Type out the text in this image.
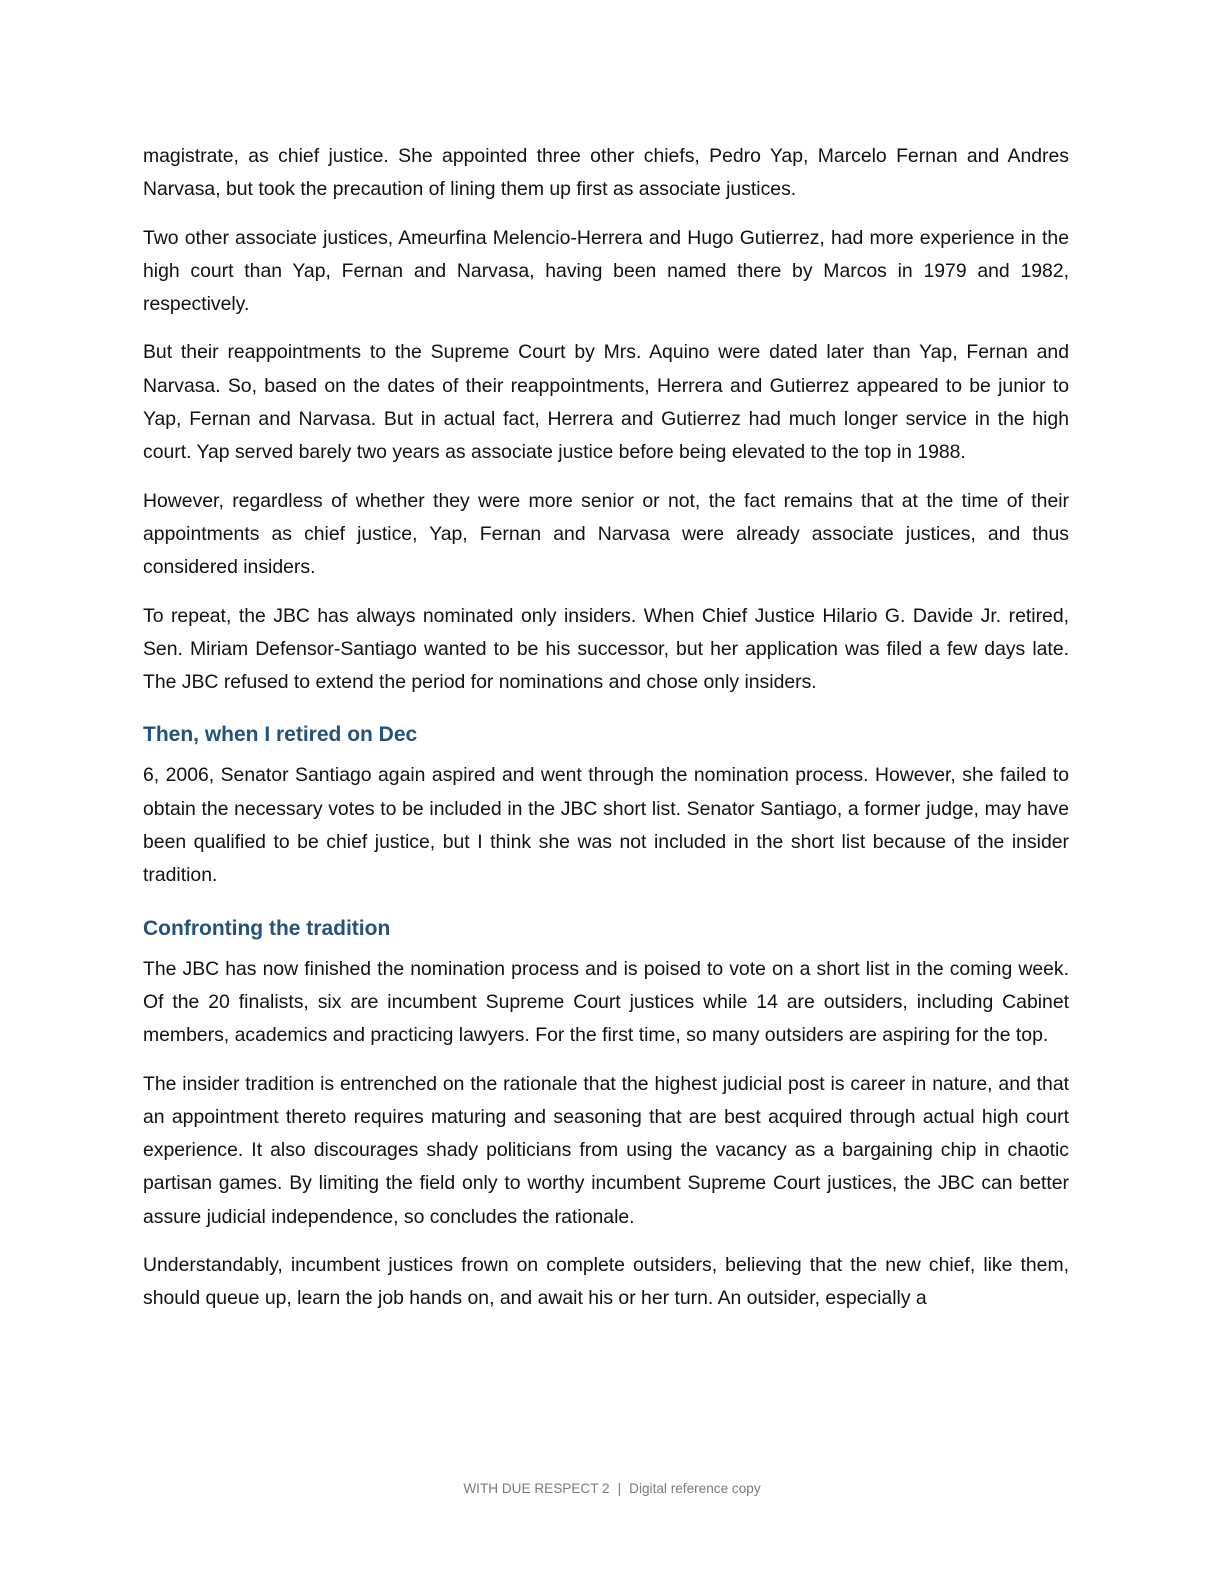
magistrate, as chief justice. She appointed three other chiefs, Pedro Yap, Marcelo Fernan and Andres Narvasa, but took the precaution of lining them up first as associate justices.

Two other associate justices, Ameurfina Melencio-Herrera and Hugo Gutierrez, had more experience in the high court than Yap, Fernan and Narvasa, having been named there by Marcos in 1979 and 1982, respectively.

But their reappointments to the Supreme Court by Mrs. Aquino were dated later than Yap, Fernan and Narvasa. So, based on the dates of their reappointments, Herrera and Gutierrez appeared to be junior to Yap, Fernan and Narvasa. But in actual fact, Herrera and Gutierrez had much longer service in the high court. Yap served barely two years as associate justice before being elevated to the top in 1988.

However, regardless of whether they were more senior or not, the fact remains that at the time of their appointments as chief justice, Yap, Fernan and Narvasa were already associate justices, and thus considered insiders.

To repeat, the JBC has always nominated only insiders. When Chief Justice Hilario G. Davide Jr. retired, Sen. Miriam Defensor-Santiago wanted to be his successor, but her application was filed a few days late. The JBC refused to extend the period for nominations and chose only insiders.

Then, when I retired on Dec

6, 2006, Senator Santiago again aspired and went through the nomination process. However, she failed to obtain the necessary votes to be included in the JBC short list. Senator Santiago, a former judge, may have been qualified to be chief justice, but I think she was not included in the short list because of the insider tradition.

Confronting the tradition

The JBC has now finished the nomination process and is poised to vote on a short list in the coming week. Of the 20 finalists, six are incumbent Supreme Court justices while 14 are outsiders, including Cabinet members, academics and practicing lawyers. For the first time, so many outsiders are aspiring for the top.

The insider tradition is entrenched on the rationale that the highest judicial post is career in nature, and that an appointment thereto requires maturing and seasoning that are best acquired through actual high court experience. It also discourages shady politicians from using the vacancy as a bargaining chip in chaotic partisan games. By limiting the field only to worthy incumbent Supreme Court justices, the JBC can better assure judicial independence, so concludes the rationale.

Understandably, incumbent justices frown on complete outsiders, believing that the new chief, like them, should queue up, learn the job hands on, and await his or her turn. An outsider, especially a

WITH DUE RESPECT 2 | Digital reference copy
